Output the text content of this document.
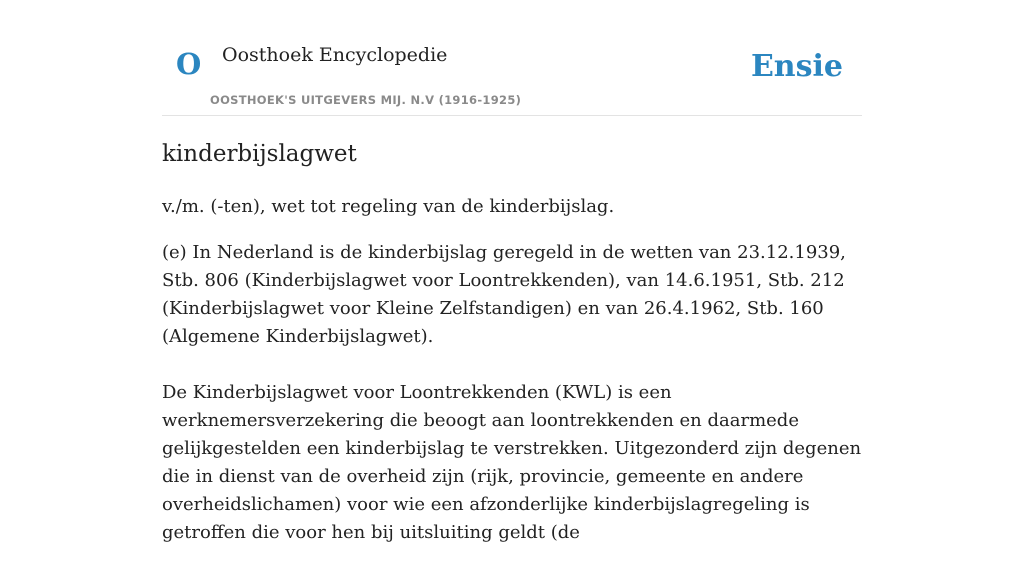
O Oosthoek Encyclopedie
OOSTHOEK'S UITGEVERS MIJ. N.V (1916-1925)
Ensie
kinderbijslagwet

v./m. (-ten), wet tot regeling van de kinderbijslag.

(e) In Nederland is de kinderbijslag geregeld in de wetten van 23.12.1939, Stb. 806 (Kinderbijslagwet voor Loontrekkenden), van 14.6.1951, Stb. 212 (Kinderbijslagwet voor Kleine Zelfstandigen) en van 26.4.1962, Stb. 160 (Algemene Kinderbijslagwet).

De Kinderbijslagwet voor Loontrekkenden (KWL) is een werknemersverzekering die beoogt aan loontrekkenden en daarmede gelijkgestelden een kinderbijslag te verstrekken. Uitgezonderd zijn degenen die in dienst van de overheid zijn (rijk, provincie, gemeente en andere overheidslichamen) voor wie een afzonderlijke kinderbijslagregeling is getroffen die voor hen bij uitsluiting geldt (de
